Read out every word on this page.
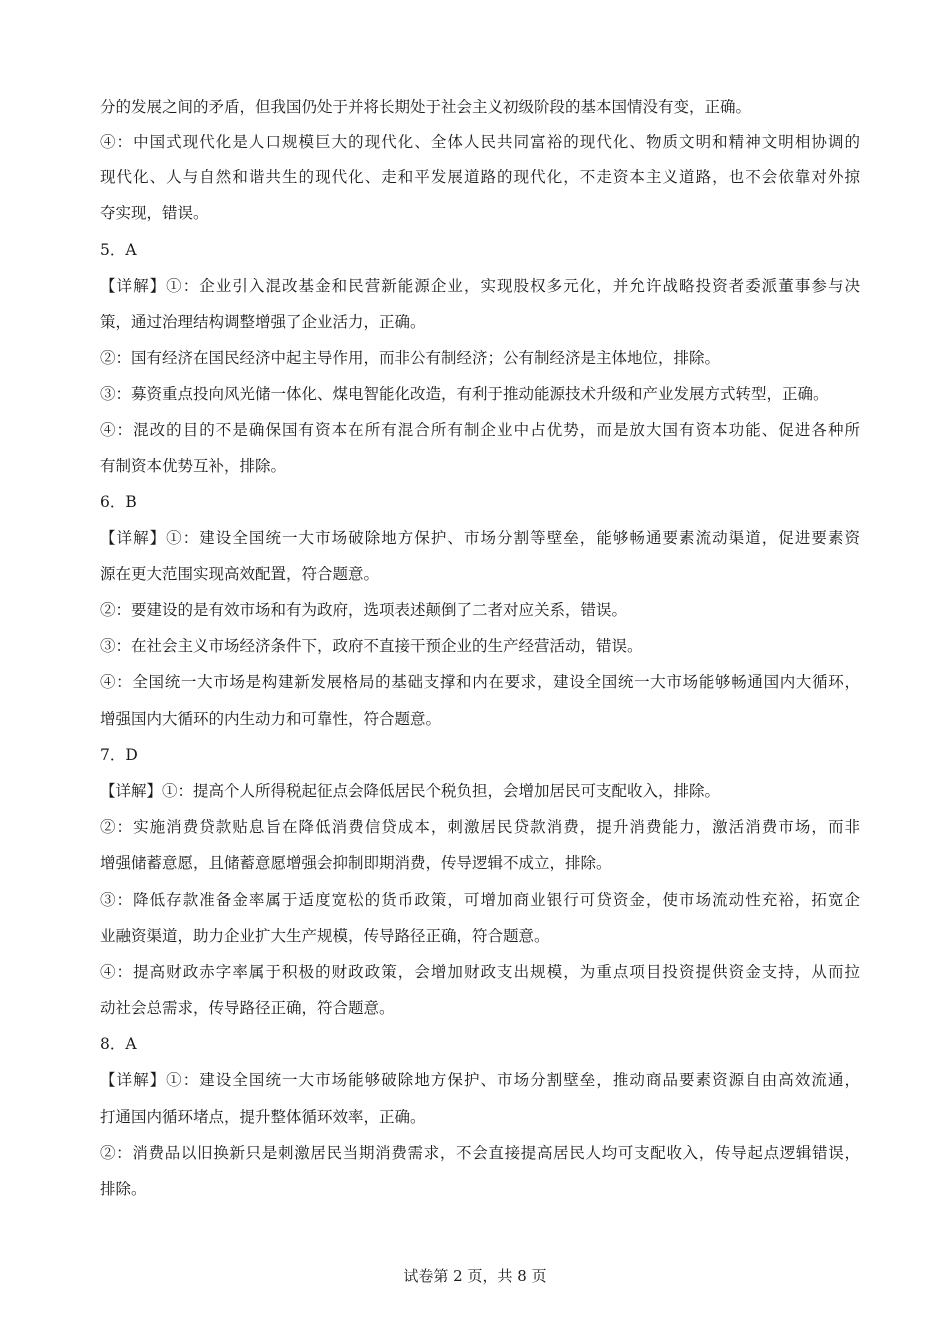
分的发展之间的矛盾，但我国仍处于并将长期处于社会主义初级阶段的基本国情没有变，正确。
④：中国式现代化是人口规模巨大的现代化、全体人民共同富裕的现代化、物质文明和精神文明相协调的
现代化、人与自然和谐共生的现代化、走和平发展道路的现代化，不走资本主义道路，也不会依靠对外掠
夺实现，错误。
5．A
【详解】①：企业引入混改基金和民营新能源企业，实现股权多元化，并允许战略投资者委派董事参与决
策，通过治理结构调整增强了企业活力，正确。
②：国有经济在国民经济中起主导作用，而非公有制经济；公有制经济是主体地位，排除。
③：募资重点投向风光储一体化、煤电智能化改造，有利于推动能源技术升级和产业发展方式转型，正确。
④：混改的目的不是确保国有资本在所有混合所有制企业中占优势，而是放大国有资本功能、促进各种所
有制资本优势互补，排除。
6．B
【详解】①：建设全国统一大市场破除地方保护、市场分割等壁垒，能够畅通要素流动渠道，促进要素资
源在更大范围实现高效配置，符合题意。
②：要建设的是有效市场和有为政府，选项表述颠倒了二者对应关系，错误。
③：在社会主义市场经济条件下，政府不直接干预企业的生产经营活动，错误。
④：全国统一大市场是构建新发展格局的基础支撑和内在要求，建设全国统一大市场能够畅通国内大循环，
增强国内大循环的内生动力和可靠性，符合题意。
7．D
【详解】①：提高个人所得税起征点会降低居民个税负担，会增加居民可支配收入，排除。
②：实施消费贷款贴息旨在降低消费信贷成本，刺激居民贷款消费，提升消费能力，激活消费市场，而非
增强储蓄意愿，且储蓄意愿增强会抑制即期消费，传导逻辑不成立，排除。
③：降低存款准备金率属于适度宽松的货币政策，可增加商业银行可贷资金，使市场流动性充裕，拓宽企
业融资渠道，助力企业扩大生产规模，传导路径正确，符合题意。
④：提高财政赤字率属于积极的财政政策，会增加财政支出规模，为重点项目投资提供资金支持，从而拉
动社会总需求，传导路径正确，符合题意。
8．A
【详解】①：建设全国统一大市场能够破除地方保护、市场分割壁垒，推动商品要素资源自由高效流通，
打通国内循环堵点，提升整体循环效率，正确。
②：消费品以旧换新只是刺激居民当期消费需求，不会直接提高居民人均可支配收入，传导起点逻辑错误，
排除。
试卷第 2 页，共 8 页
